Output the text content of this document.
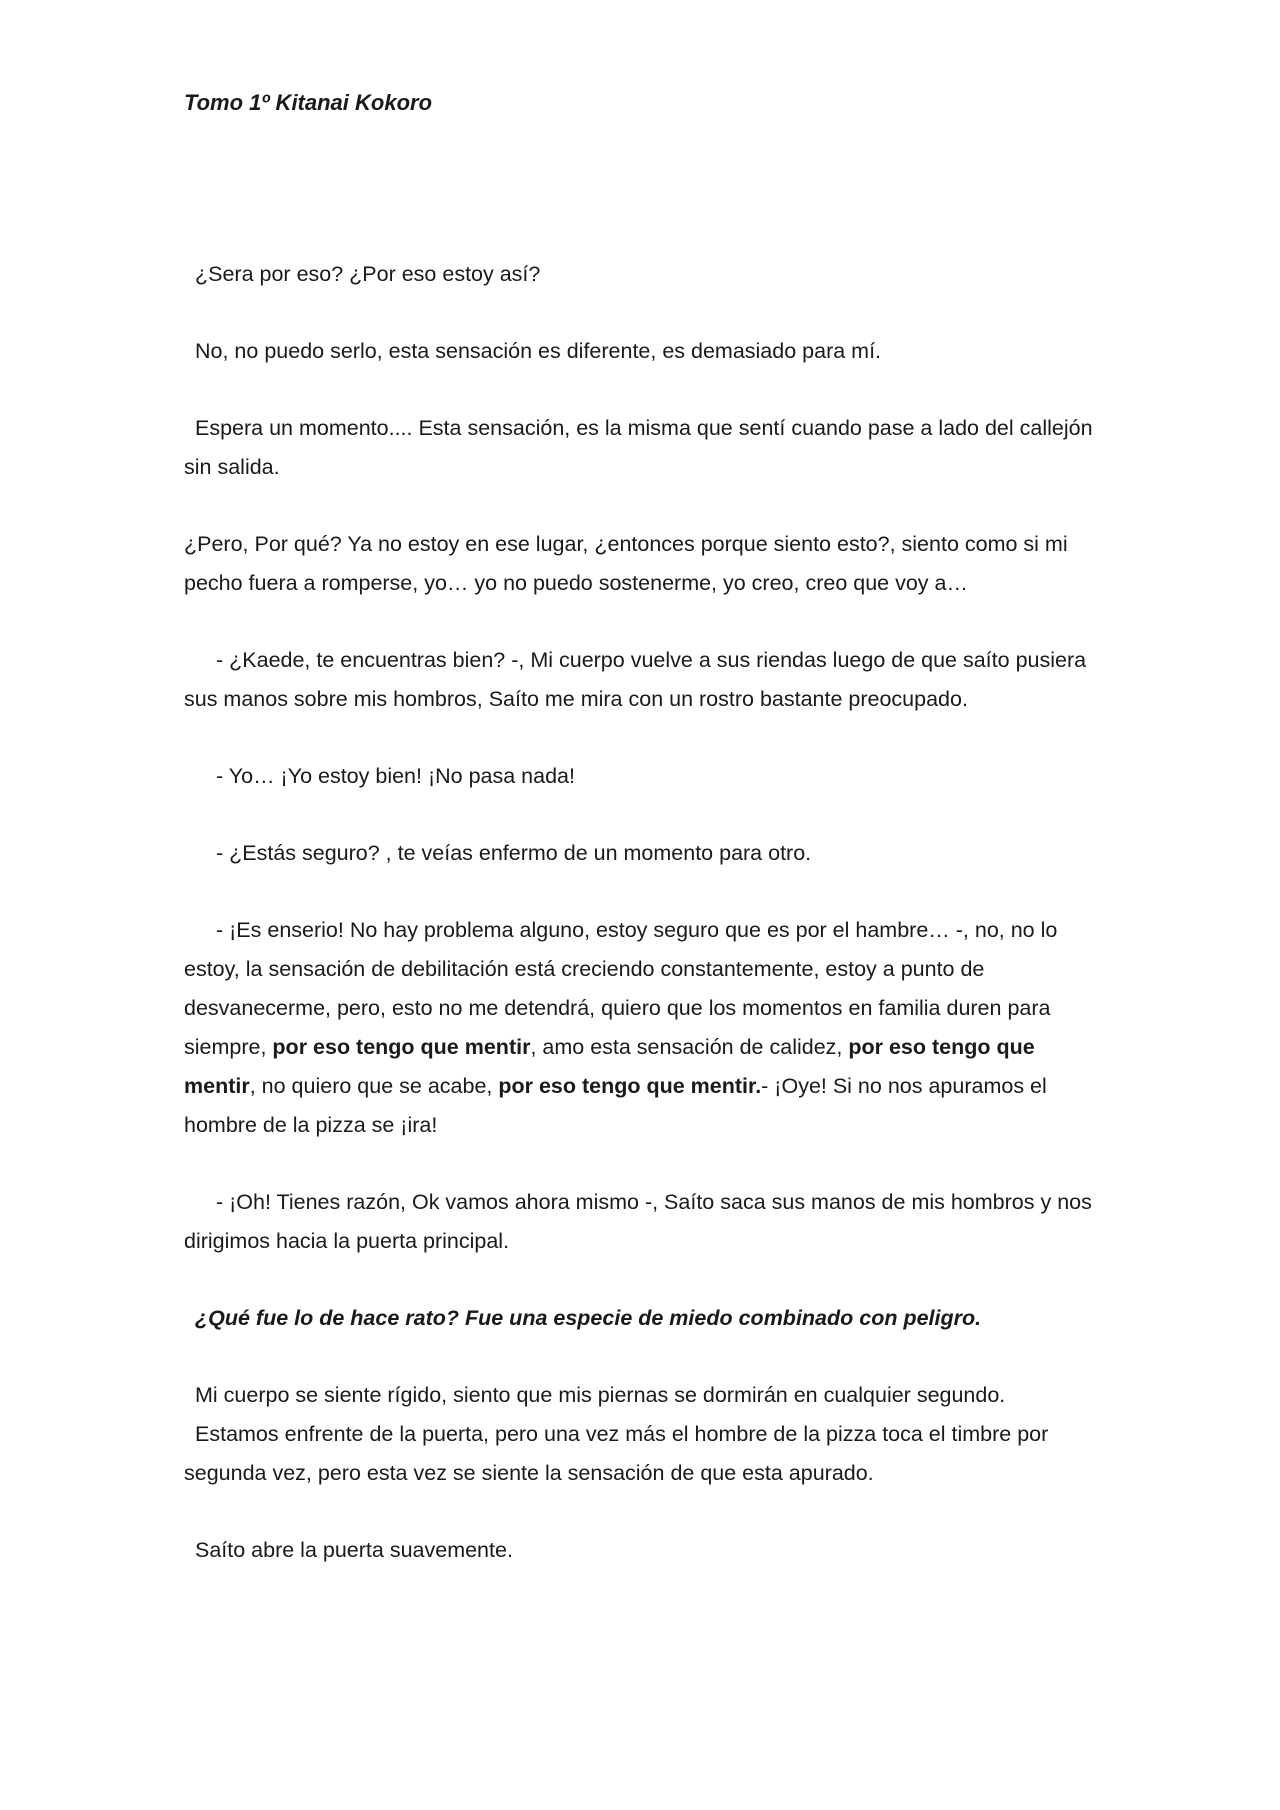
Tomo 1º Kitanai Kokoro

¿Sera por eso? ¿Por eso estoy así?

No, no puedo serlo, esta sensación es diferente, es demasiado para mí.

Espera un momento.... Esta sensación, es la misma que sentí cuando pase a lado del callejón sin salida.

¿Pero, Por qué? Ya no estoy en ese lugar, ¿entonces porque siento esto?, siento como si mi pecho fuera a romperse, yo… yo no puedo sostenerme, yo creo, creo que voy a…

- ¿Kaede, te encuentras bien? -, Mi cuerpo vuelve a sus riendas luego de que saíto pusiera sus manos sobre mis hombros, Saíto me mira con un rostro bastante preocupado.

- Yo… ¡Yo estoy bien! ¡No pasa nada!

- ¿Estás seguro? , te veías enfermo de un momento para otro.

- ¡Es enserio! No hay problema alguno, estoy seguro que es por el hambre… -, no, no lo estoy, la sensación de debilitación está creciendo constantemente, estoy a punto de desvanecerme, pero, esto no me detendrá, quiero que los momentos en familia duren para siempre, por eso tengo que mentir, amo esta sensación de calidez, por eso tengo que mentir, no quiero que se acabe, por eso tengo que mentir.- ¡Oye! Si no nos apuramos el hombre de la pizza se ¡ira!

- ¡Oh! Tienes razón, Ok vamos ahora mismo -, Saíto saca sus manos de mis hombros y nos dirigimos hacia la puerta principal.

¿Qué fue lo de hace rato? Fue una especie de miedo combinado con peligro.

Mi cuerpo se siente rígido, siento que mis piernas se dormirán en cualquier segundo.

Estamos enfrente de la puerta, pero una vez más el hombre de la pizza toca el timbre por segunda vez, pero esta vez se siente la sensación de que esta apurado.

Saíto abre la puerta suavemente.
